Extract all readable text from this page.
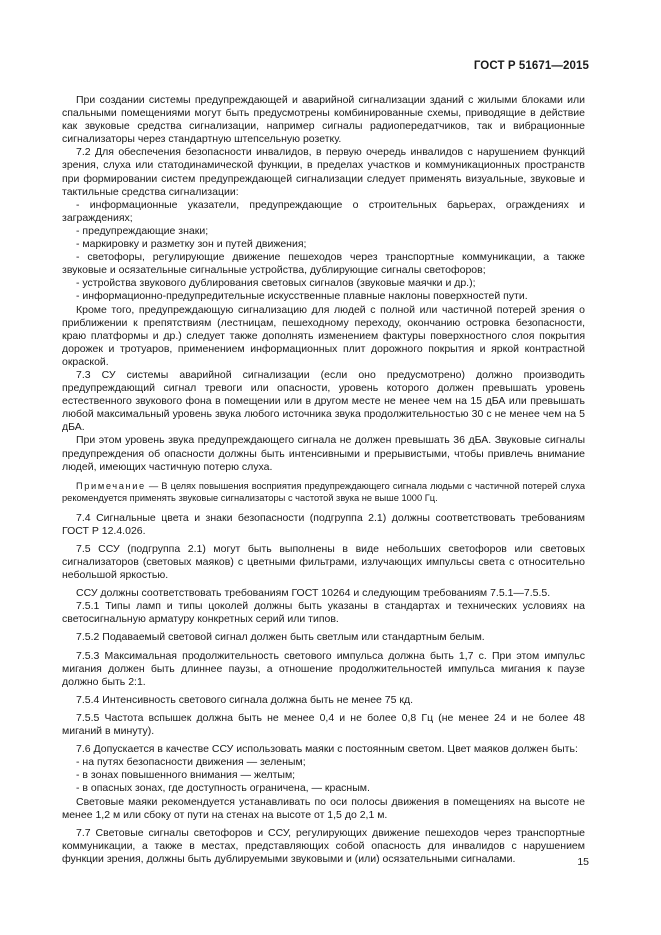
ГОСТ Р 51671—2015

При создании системы предупреждающей и аварийной сигнализации зданий с жилыми блоками или спальными помещениями могут быть предусмотрены комбинированные схемы, приводящие в действие как звуковые средства сигнализации, например сигналы радиопередатчиков, так и вибрационные сигнализаторы через стандартную штепсельную розетку.

7.2 Для обеспечения безопасности инвалидов, в первую очередь инвалидов с нарушением функций зрения, слуха или статодинамической функции, в пределах участков и коммуникационных пространств при формировании систем предупреждающей сигнализации следует применять визуальные, звуковые и тактильные средства сигнализации:

- информационные указатели, предупреждающие о строительных барьерах, ограждениях и заграждениях;

- предупреждающие знаки;

- маркировку и разметку зон и путей движения;

- светофоры, регулирующие движение пешеходов через транспортные коммуникации, а также звуковые и осязательные сигнальные устройства, дублирующие сигналы светофоров;

- устройства звукового дублирования световых сигналов (звуковые маячки и др.);

- информационно-предупредительные искусственные плавные наклоны поверхностей пути.

Кроме того, предупреждающую сигнализацию для людей с полной или частичной потерей зрения о приближении к препятствиям (лестницам, пешеходному переходу, окончанию островка безопасности, краю платформы и др.) следует также дополнять изменением фактуры поверхностного слоя покрытия дорожек и тротуаров, применением информационных плит дорожного покрытия и яркой контрастной окраской.

7.3 СУ системы аварийной сигнализации (если оно предусмотрено) должно производить предупреждающий сигнал тревоги или опасности, уровень которого должен превышать уровень естественного звукового фона в помещении или в другом месте не менее чем на 15 дБА или превышать любой максимальный уровень звука любого источника звука продолжительностью 30 с не менее чем на 5 дБА.

При этом уровень звука предупреждающего сигнала не должен превышать 36 дБА. Звуковые сигналы предупреждения об опасности должны быть интенсивными и прерывистыми, чтобы привлечь внимание людей, имеющих частичную потерю слуха.

Примечание — В целях повышения восприятия предупреждающего сигнала людьми с частичной потерей слуха рекомендуется применять звуковые сигнализаторы с частотой звука не выше 1000 Гц.

7.4 Сигнальные цвета и знаки безопасности (подгруппа 2.1) должны соответствовать требованиям ГОСТ Р 12.4.026.

7.5 ССУ (подгруппа 2.1) могут быть выполнены в виде небольших светофоров или световых сигнализаторов (световых маяков) с цветными фильтрами, излучающих импульсы света с относительно небольшой яркостью.

ССУ должны соответствовать требованиям ГОСТ 10264 и следующим требованиям 7.5.1—7.5.5.

7.5.1 Типы ламп и типы цоколей должны быть указаны в стандартах и технических условиях на светосигнальную арматуру конкретных серий или типов.

7.5.2 Подаваемый световой сигнал должен быть светлым или стандартным белым.

7.5.3 Максимальная продолжительность светового импульса должна быть 1,7 с. При этом импульс мигания должен быть длиннее паузы, а отношение продолжительностей импульса мигания к паузе должно быть 2:1.

7.5.4 Интенсивность светового сигнала должна быть не менее 75 кд.

7.5.5 Частота вспышек должна быть не менее 0,4 и не более 0,8 Гц (не менее 24 и не более 48 миганий в минуту).

7.6 Допускается в качестве ССУ использовать маяки с постоянным светом. Цвет маяков должен быть:

- на путях безопасности движения — зеленым;

- в зонах повышенного внимания — желтым;

- в опасных зонах, где доступность ограничена, — красным.

Световые маяки рекомендуется устанавливать по оси полосы движения в помещениях на высоте не менее 1,2 м или сбоку от пути на стенах на высоте от 1,5 до 2,1 м.

7.7 Световые сигналы светофоров и ССУ, регулирующих движение пешеходов через транспортные коммуникации, а также в местах, представляющих собой опасность для инвалидов с нарушением функции зрения, должны быть дублируемыми звуковыми и (или) осязательными сигналами.	15
